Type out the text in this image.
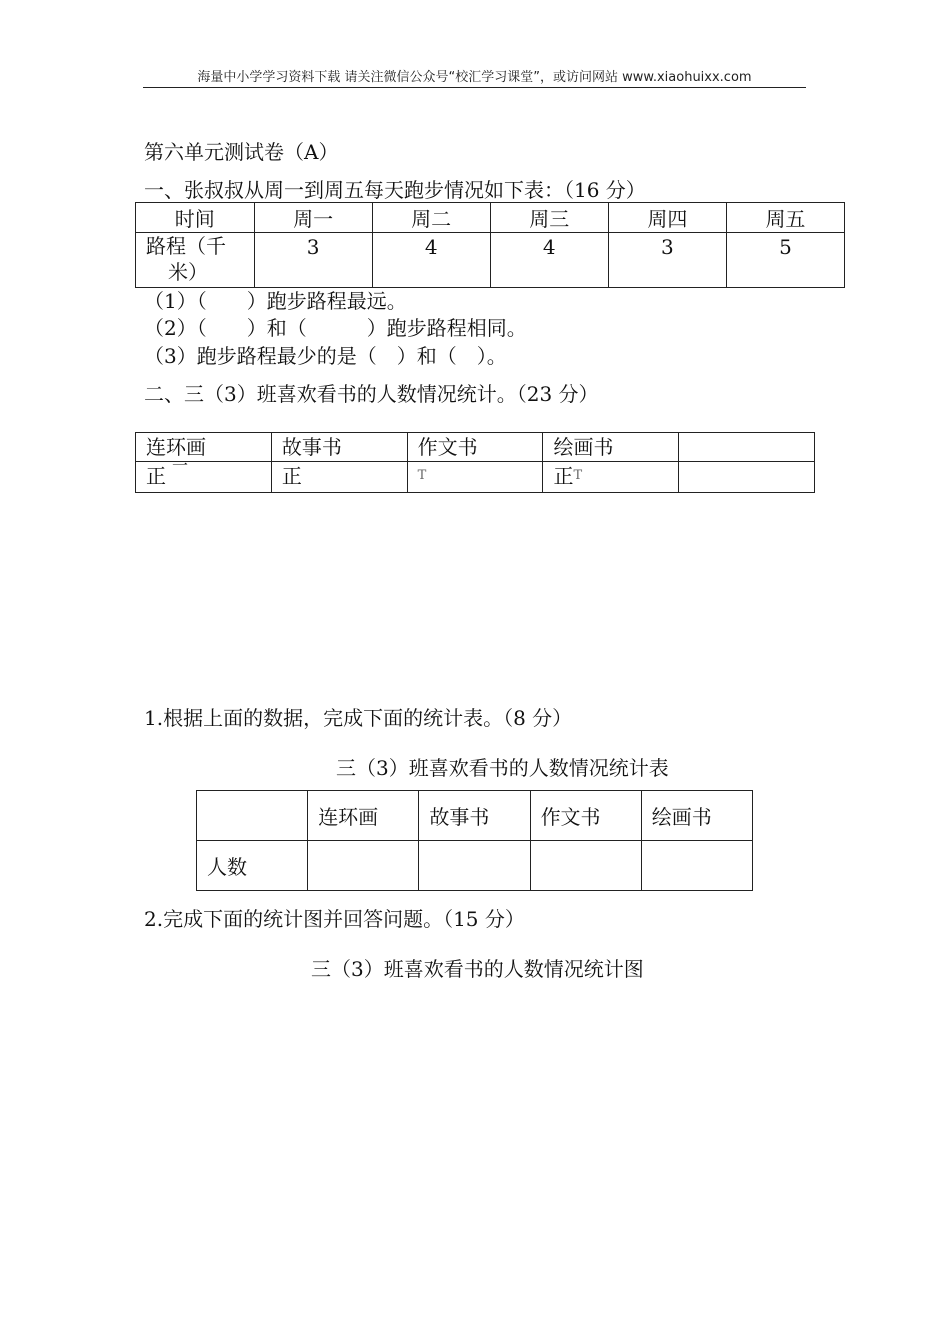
海量中小学学习资料下载 请关注微信公众号“校汇学习课堂”，或访问网站 www.xiaohuixx.com
第六单元测试卷（A）
一、张叔叔从周一到周五每天跑步情况如下表：（16 分）
时间	周一	周二	周三	周四	周五

路程（千
米）	3	4	4	3	5
（1）（　　）跑步路程最远。
（2）（　　）和（　　　）跑步路程相同。
（3）跑步路程最少的是（　）和（　）。
二、三（3）班喜欢看书的人数情况统计。（23 分）
连环画	故事书	作文书	绘画书	
正 $^一$	正	$^T$	正$^T$	
1.根据上面的数据，完成下面的统计表。（8 分）
三（3）班喜欢看书的人数情况统计表
	连环画	故事书	作文书	绘画书
人数				
2.完成下面的统计图并回答问题。（15 分）
三（3）班喜欢看书的人数情况统计图
